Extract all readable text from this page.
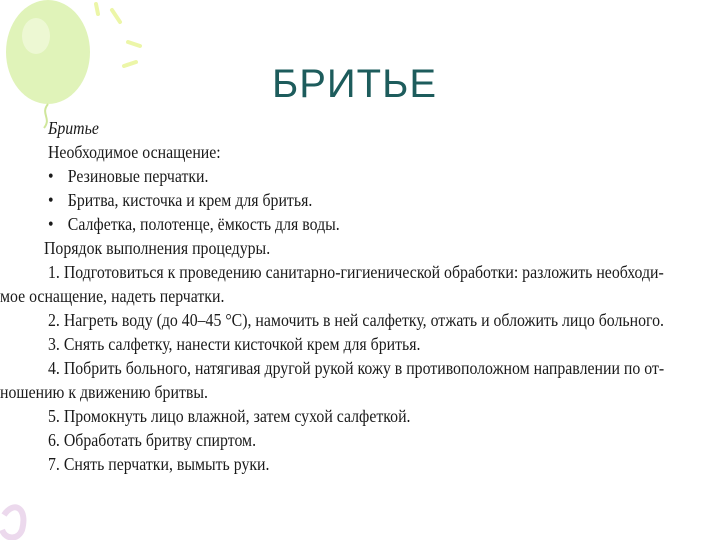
БРИТЬЕ
Бритье
Необходимое оснащение:
• Резиновые перчатки.
• Бритва, кисточка и крем для бритья.
• Салфетка, полотенце, ёмкость для воды.
Порядок выполнения процедуры.
1. Подготовиться к проведению санитарно-гигиенической обработки: разложить необходи-
мое оснащение, надеть перчатки.
2. Нагреть воду (до 40–45 °С), намочить в ней салфетку, отжать и обложить лицо больного.
3. Снять салфетку, нанести кисточкой крем для бритья.
4. Побрить больного, натягивая другой рукой кожу в противоположном направлении по от-
ношению к движению бритвы.
5. Промокнуть лицо влажной, затем сухой салфеткой.
6. Обработать бритву спиртом.
7. Снять перчатки, вымыть руки.
